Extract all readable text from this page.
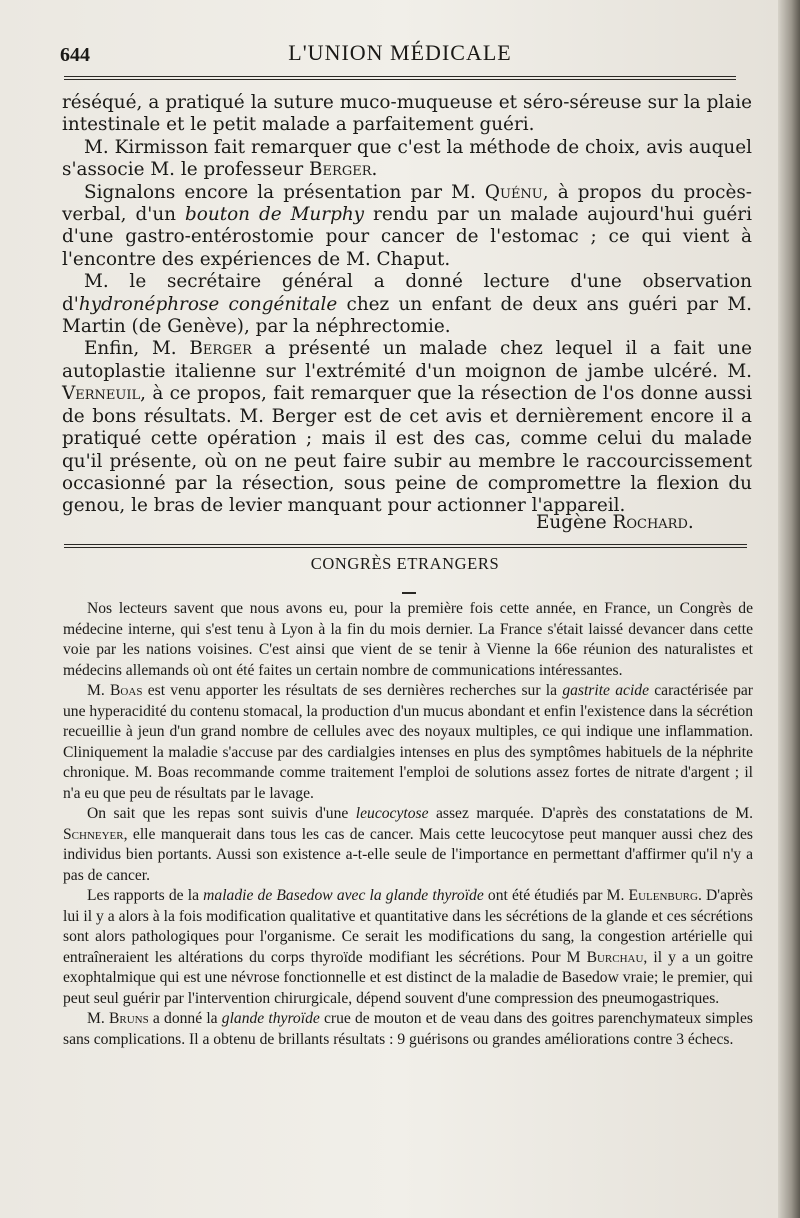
644	L'UNION MÉDICALE

réséqué, a pratiqué la suture muco-muqueuse et séro-séreuse sur la plaie intestinale et le petit malade a parfaitement guéri.

M. Kirmisson fait remarquer que c'est la méthode de choix, avis auquel s'associe M. le professeur Berger.

Signalons encore la présentation par M. Quénu, à propos du procès-verbal, d'un bouton de Murphy rendu par un malade aujourd'hui guéri d'une gastro-entérostomie pour cancer de l'estomac ; ce qui vient à l'encontre des expériences de M. Chaput.

M. le secrétaire général a donné lecture d'une observation d'hydronéphrose congénitale chez un enfant de deux ans guéri par M. Martin (de Genève), par la néphrectomie.

Enfin, M. Berger a présenté un malade chez lequel il a fait une autoplastie italienne sur l'extrémité d'un moignon de jambe ulcéré. M. Verneuil, à ce propos, fait remarquer que la résection de l'os donne aussi de bons résultats. M. Berger est de cet avis et dernièrement encore il a pratiqué cette opération ; mais il est des cas, comme celui du malade qu'il présente, où on ne peut faire subir au membre le raccourcissement occasionné par la résection, sous peine de compromettre la flexion du genou, le bras de levier manquant pour actionner l'appareil.

Eugène Rochard.
CONGRÈS ETRANGERS

Nos lecteurs savent que nous avons eu, pour la première fois cette année, en France, un Congrès de médecine interne, qui s'est tenu à Lyon à la fin du mois dernier. La France s'était laissé devancer dans cette voie par les nations voisines. C'est ainsi que vient de se tenir à Vienne la 66e réunion des naturalistes et médecins allemands où ont été faites un certain nombre de communications intéressantes.

M. Boas est venu apporter les résultats de ses dernières recherches sur la gastrite acide caractérisée par une hyperacidité du contenu stomacal, la production d'un mucus abondant et enfin l'existence dans la sécrétion recueillie à jeun d'un grand nombre de cellules avec des noyaux multiples, ce qui indique une inflammation. Cliniquement la maladie s'accuse par des cardialgies intenses en plus des symptômes habituels de la néphrite chronique. M. Boas recommande comme traitement l'emploi de solutions assez fortes de nitrate d'argent ; il n'a eu que peu de résultats par le lavage.

On sait que les repas sont suivis d'une leucocytose assez marquée. D'après des constatations de M. Schneyer, elle manquerait dans tous les cas de cancer. Mais cette leucocytose peut manquer aussi chez des individus bien portants. Aussi son existence a-t-elle seule de l'importance en permettant d'affirmer qu'il n'y a pas de cancer.

Les rapports de la maladie de Basedow avec la glande thyroïde ont été étudiés par M. Eulenburg. D'après lui il y a alors à la fois modification qualitative et quantitative dans les sécrétions de la glande et ces sécrétions sont alors pathologiques pour l'organisme. Ce serait les modifications du sang, la congestion artérielle qui entraîneraient les altérations du corps thyroïde modifiant les sécrétions. Pour M Burchau, il y a un goitre exophtalmique qui est une névrose fonctionnelle et est distinct de la maladie de Basedow vraie; le premier, qui peut seul guérir par l'intervention chirurgicale, dépend souvent d'une compression des pneumogastriques.

M. Bruns a donné la glande thyroïde crue de mouton et de veau dans des goitres parenchymateux simples sans complications. Il a obtenu de brillants résultats : 9 guérisons ou grandes améliorations contre 3 échecs.
